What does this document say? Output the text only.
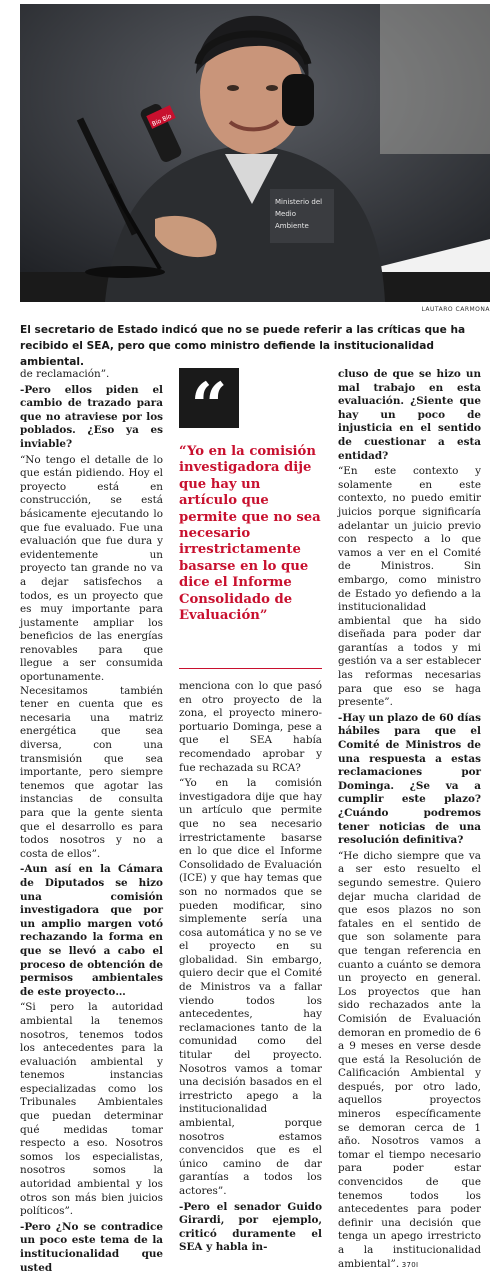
Ministerio del
Medio
Ambiente
Bío Bío
LAUTARO CARMONA

El secretario de Estado indicó que no se puede referir a las críticas que ha recibido el SEA, pero que como ministro defiende la institucionalidad ambiental.

de reclamación”.

-Pero ellos piden el cambio de trazado para que no atraviese por los poblados. ¿Eso ya es inviable?

“No tengo el detalle de lo que están pidiendo. Hoy el proyecto está en construcción, se está básicamente ejecutando lo que fue evaluado. Fue una evaluación que fue dura y evidentemente un proyecto tan grande no va a dejar satisfechos a todos, es un proyecto que es muy importante para justamente ampliar los beneficios de las energías renovables para que llegue a ser consumida oportunamente. Necesitamos también tener en cuenta que es necesaria una matriz energética que sea diversa, con una transmisión que sea importante, pero siempre tenemos que agotar las instancias de consulta para que la gente sienta que el desarrollo es para todos nosotros y no a costa de ellos”.

-Aun así en la Cámara de Diputados se hizo una comisión investigadora que por un amplio margen votó rechazando la forma en que se llevó a cabo el proceso de obtención de permisos ambientales de este proyecto…

“Si pero la autoridad ambiental la tenemos nosotros, tenemos todos los antecedentes para la evaluación ambiental y tenemos instancias especializadas como los Tribunales Ambientales que puedan determinar qué medidas tomar respecto a eso. Nosotros somos los especialistas, nosotros somos la autoridad ambiental y los otros son más bien juicios políticos”.

-Pero ¿No se contradice un poco este tema de la institucionalidad que usted

“

“Yo en la comisión investigadora dije que hay un artículo que permite que no sea necesario irrestrictamente basarse en lo que dice el Informe Consolidado de Evaluación”

menciona con lo que pasó en otro proyecto de la zona, el proyecto minero-portuario Dominga, pese a que el SEA había recomendado aprobar y fue rechazada su RCA?

“Yo en la comisión investigadora dije que hay un artículo que permite que no sea necesario irrestrictamente basarse en lo que dice el Informe Consolidado de Evaluación (ICE) y que hay temas que son no normados que se pueden modificar, sino simplemente sería una cosa automática y no se ve el proyecto en su globalidad. Sin embargo, quiero decir que el Comité de Ministros va a fallar viendo todos los antecedentes, hay reclamaciones tanto de la comunidad como del titular del proyecto. Nosotros vamos a tomar una decisión basados en el irrestricto apego a la institucionalidad ambiental, porque nosotros estamos convencidos que es el único camino de dar garantías a todos los actores”.

-Pero el senador Guido Girardi, por ejemplo, criticó duramente el SEA y habla in-

cluso de que se hizo un mal trabajo en esta evaluación. ¿Siente que hay un poco de injusticia en el sentido de cuestionar a esta entidad?

“En este contexto y solamente en este contexto, no puedo emitir juicios porque significaría adelantar un juicio previo con respecto a lo que vamos a ver en el Comité de Ministros. Sin embargo, como ministro de Estado yo defiendo a la institucionalidad ambiental que ha sido diseñada para poder dar garantías a todos y mi gestión va a ser establecer las reformas necesarias para que eso se haga presente”.

-Hay un plazo de 60 días hábiles para que el Comité de Ministros de una respuesta a estas reclamaciones por Dominga. ¿Se va a cumplir este plazo? ¿Cuándo podremos tener noticias de una resolución definitiva?

“He dicho siempre que va a ser esto resuelto el segundo semestre. Quiero dejar mucha claridad de que esos plazos no son fatales en el sentido de que son solamente para que tengan referencia en cuanto a cuánto se demora un proyecto en general. Los proyectos que han sido rechazados ante la Comisión de Evaluación demoran en promedio de 6 a 9 meses en verse desde que está la Resolución de Calificación Ambiental y después, por otro lado, aquellos proyectos mineros específicamente se demoran cerca de 1 año. Nosotros vamos a tomar el tiempo necesario para poder estar convencidos de que tenemos todos los antecedentes para poder definir una decisión que tenga un apego irrestricto a la institucionalidad ambiental”. 370I
